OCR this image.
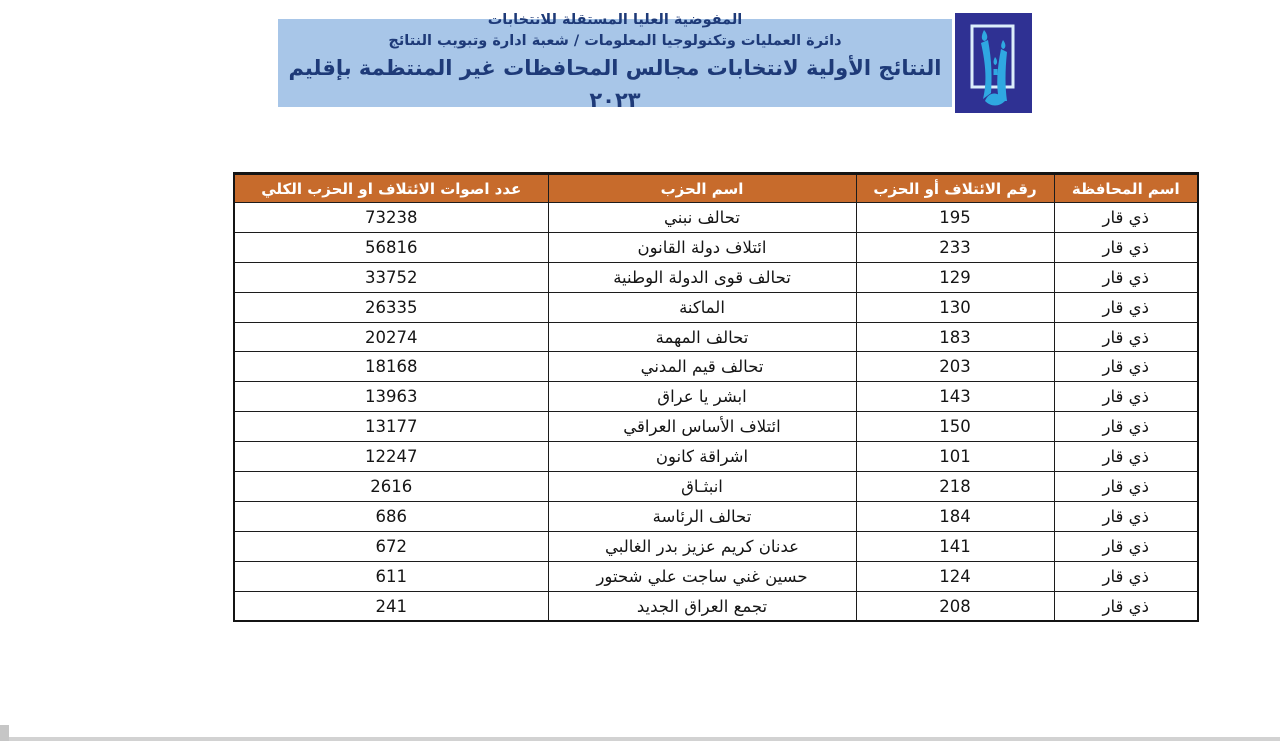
المفوضية العليا المستقلة للانتخابات
دائرة العمليات وتكنولوجيا المعلومات / شعبة ادارة وتبويب النتائج
النتائج الأولية لانتخابات مجالس المحافظات غير المنتظمة بإقليم ٢٠٢٣
اسم المحافظة	رقم الائتلاف أو الحزب	اسم الحزب	عدد اصوات الائتلاف او الحزب الكلي
ذي قار	195	تحالف نبني	73238
ذي قار	233	ائتلاف دولة القانون	56816
ذي قار	129	تحالف قوى الدولة الوطنية	33752
ذي قار	130	الماكنة	26335
ذي قار	183	تحالف المهمة	20274
ذي قار	203	تحالف قيم المدني	18168
ذي قار	143	ابشر يا عراق	13963
ذي قار	150	ائتلاف الأساس العراقي	13177
ذي قار	101	اشراقة كانون	12247
ذي قار	218	انبثـاق	2616
ذي قار	184	تحالف الرئاسة	686
ذي قار	141	عدنان كريم عزيز بدر الغالبي	672
ذي قار	124	حسين غني ساجت علي شحتور	611
ذي قار	208	تجمع العراق الجديد	241
